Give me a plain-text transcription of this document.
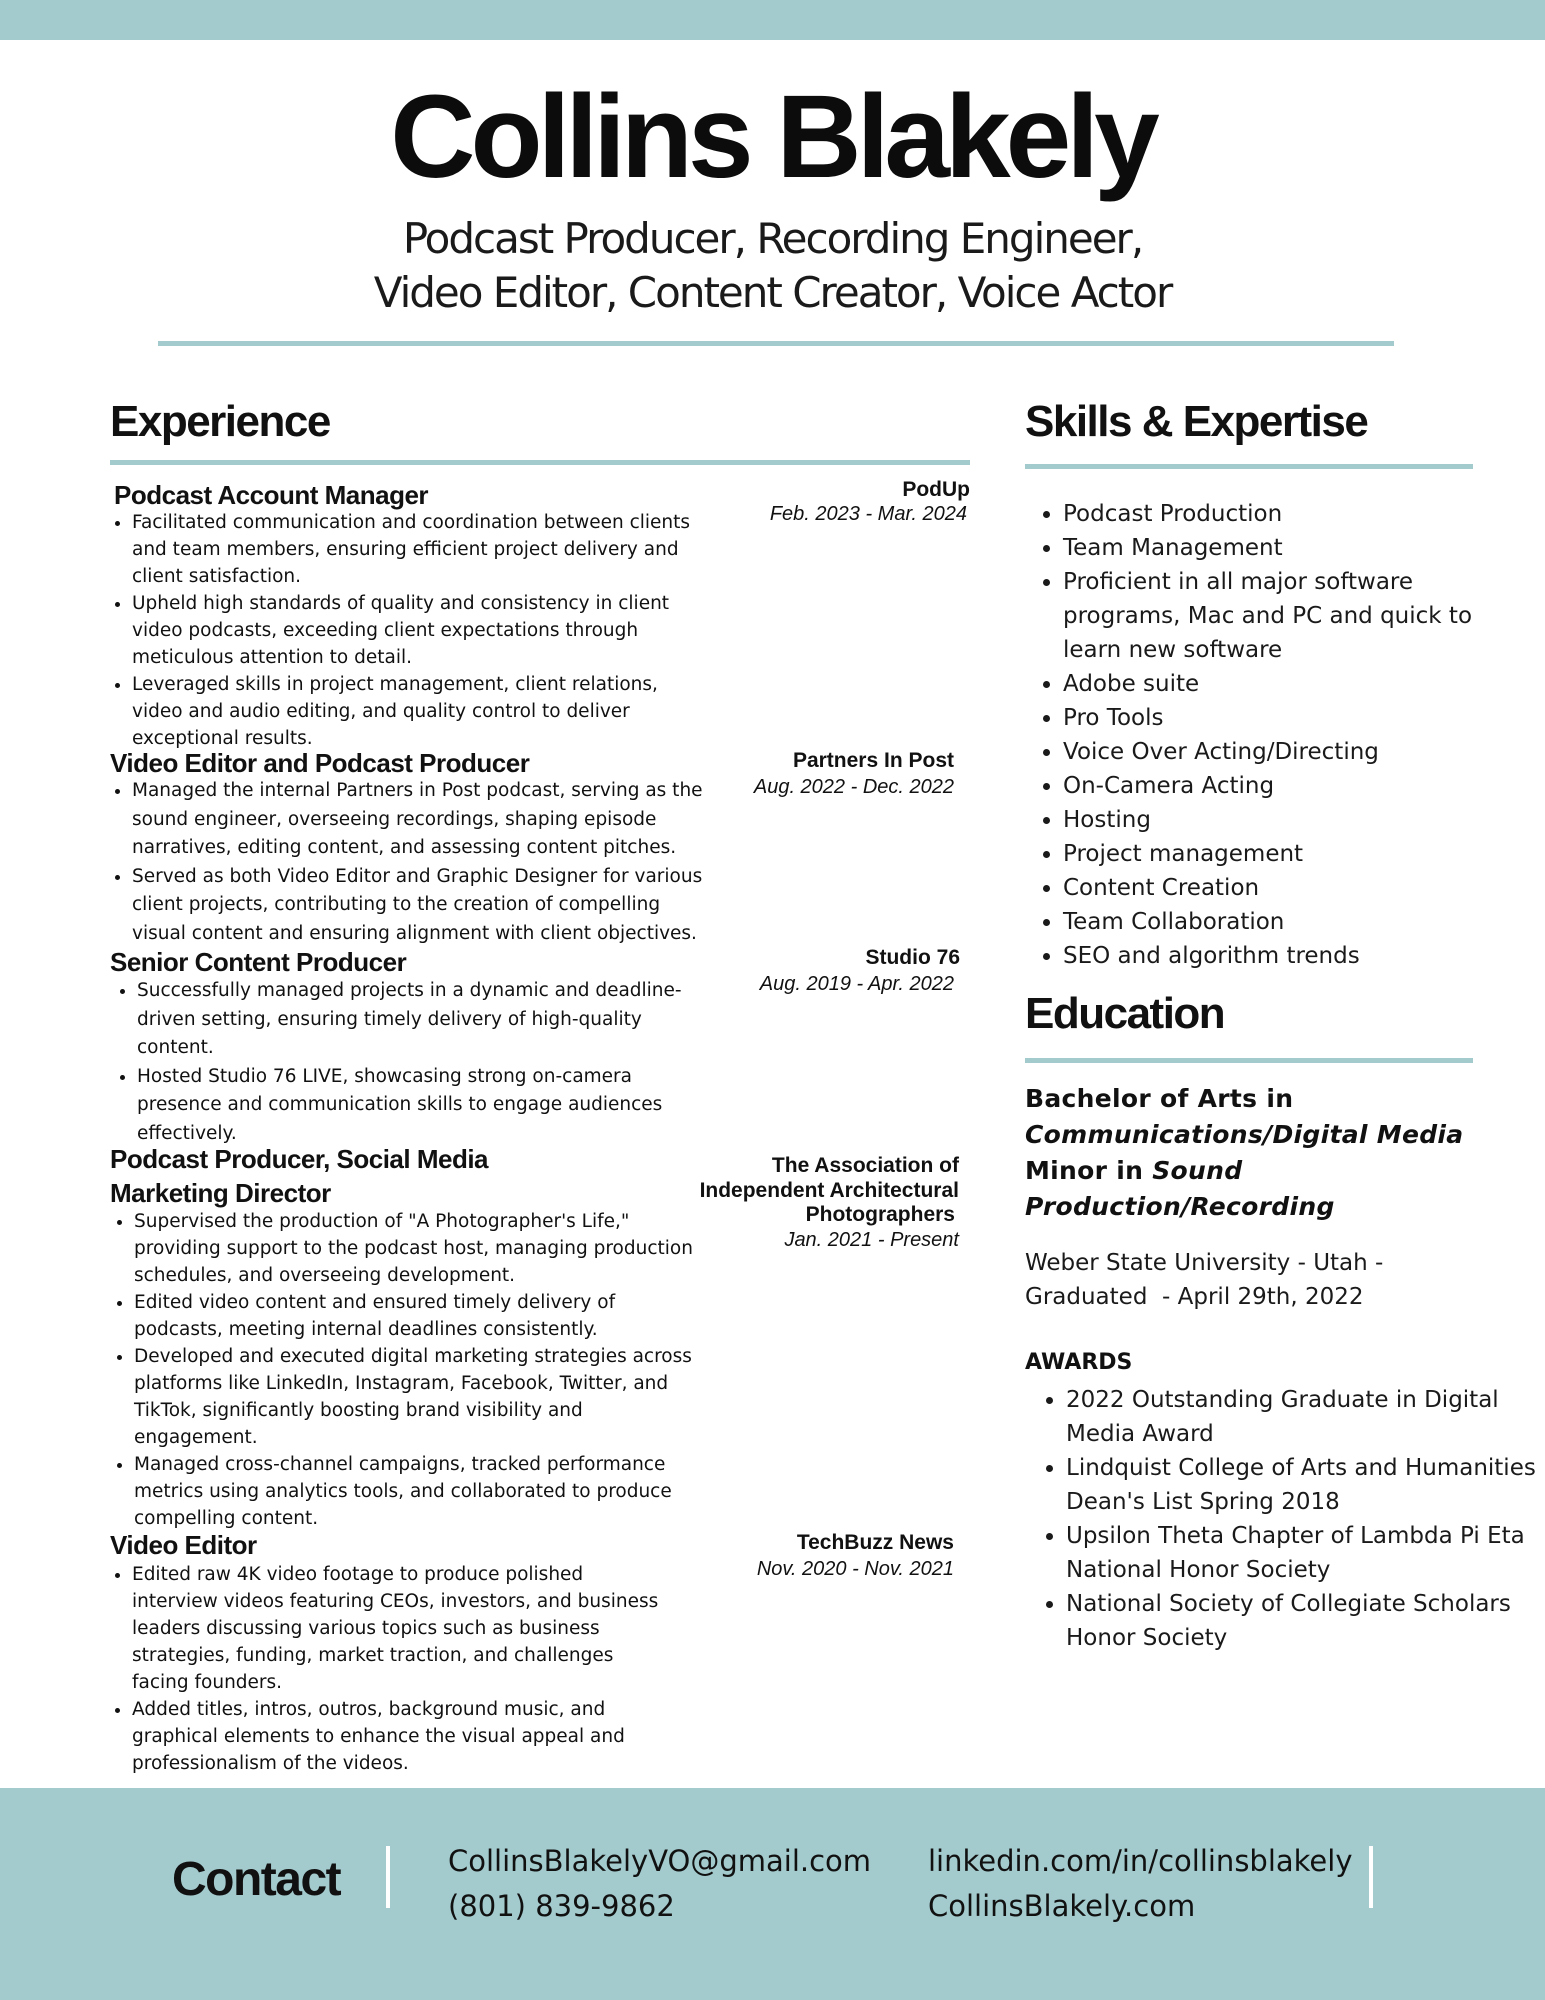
Collins Blakely
Podcast Producer, Recording Engineer,
Video Editor, Content Creator, Voice Actor
Experience
Podcast Account Manager	PodUp
Feb. 2023 - Mar. 2024
• Facilitated communication and coordination between clients and team members, ensuring efficient project delivery and client satisfaction.
• Upheld high standards of quality and consistency in client video podcasts, exceeding client expectations through meticulous attention to detail.
• Leveraged skills in project management, client relations, video and audio editing, and quality control to deliver exceptional results.
Video Editor and Podcast Producer	Partners In Post
Aug. 2022 - Dec. 2022
• Managed the internal Partners in Post podcast, serving as the sound engineer, overseeing recordings, shaping episode narratives, editing content, and assessing content pitches.
• Served as both Video Editor and Graphic Designer for various client projects, contributing to the creation of compelling visual content and ensuring alignment with client objectives.
Senior Content Producer	Studio 76
Aug. 2019 - Apr. 2022
• Successfully managed projects in a dynamic and deadline-driven setting, ensuring timely delivery of high-quality content.
• Hosted Studio 76 LIVE, showcasing strong on-camera presence and communication skills to engage audiences effectively.
Podcast Producer, Social Media
Marketing Director
The Association of
Independent Architectural
Photographers
Jan. 2021 - Present
• Supervised the production of "A Photographer's Life," providing support to the podcast host, managing production schedules, and overseeing development.
• Edited video content and ensured timely delivery of podcasts, meeting internal deadlines consistently.
• Developed and executed digital marketing strategies across platforms like LinkedIn, Instagram, Facebook, Twitter, and TikTok, significantly boosting brand visibility and engagement.
• Managed cross-channel campaigns, tracked performance metrics using analytics tools, and collaborated to produce compelling content.
Video Editor	TechBuzz News
Nov. 2020 - Nov. 2021
• Edited raw 4K video footage to produce polished interview videos featuring CEOs, investors, and business leaders discussing various topics such as business strategies, funding, market traction, and challenges facing founders.
• Added titles, intros, outros, background music, and graphical elements to enhance the visual appeal and professionalism of the videos.
Skills & Expertise
• Podcast Production
• Team Management
• Proficient in all major software programs, Mac and PC and quick to learn new software
• Adobe suite
• Pro Tools
• Voice Over Acting/Directing
• On-Camera Acting
• Hosting
• Project management
• Content Creation
• Team Collaboration
• SEO and algorithm trends
Education
Bachelor of Arts in
Communications/Digital Media
Minor in Sound
Production/Recording
Weber State University - Utah -
Graduated  - April 29th, 2022
AWARDS
• 2022 Outstanding Graduate in Digital Media Award
• Lindquist College of Arts and Humanities Dean's List Spring 2018
• Upsilon Theta Chapter of Lambda Pi Eta National Honor Society
• National Society of Collegiate Scholars Honor Society
Contact	CollinsBlakelyVO@gmail.com
(801) 839-9862
linkedin.com/in/collinsblakely
CollinsBlakely.com
